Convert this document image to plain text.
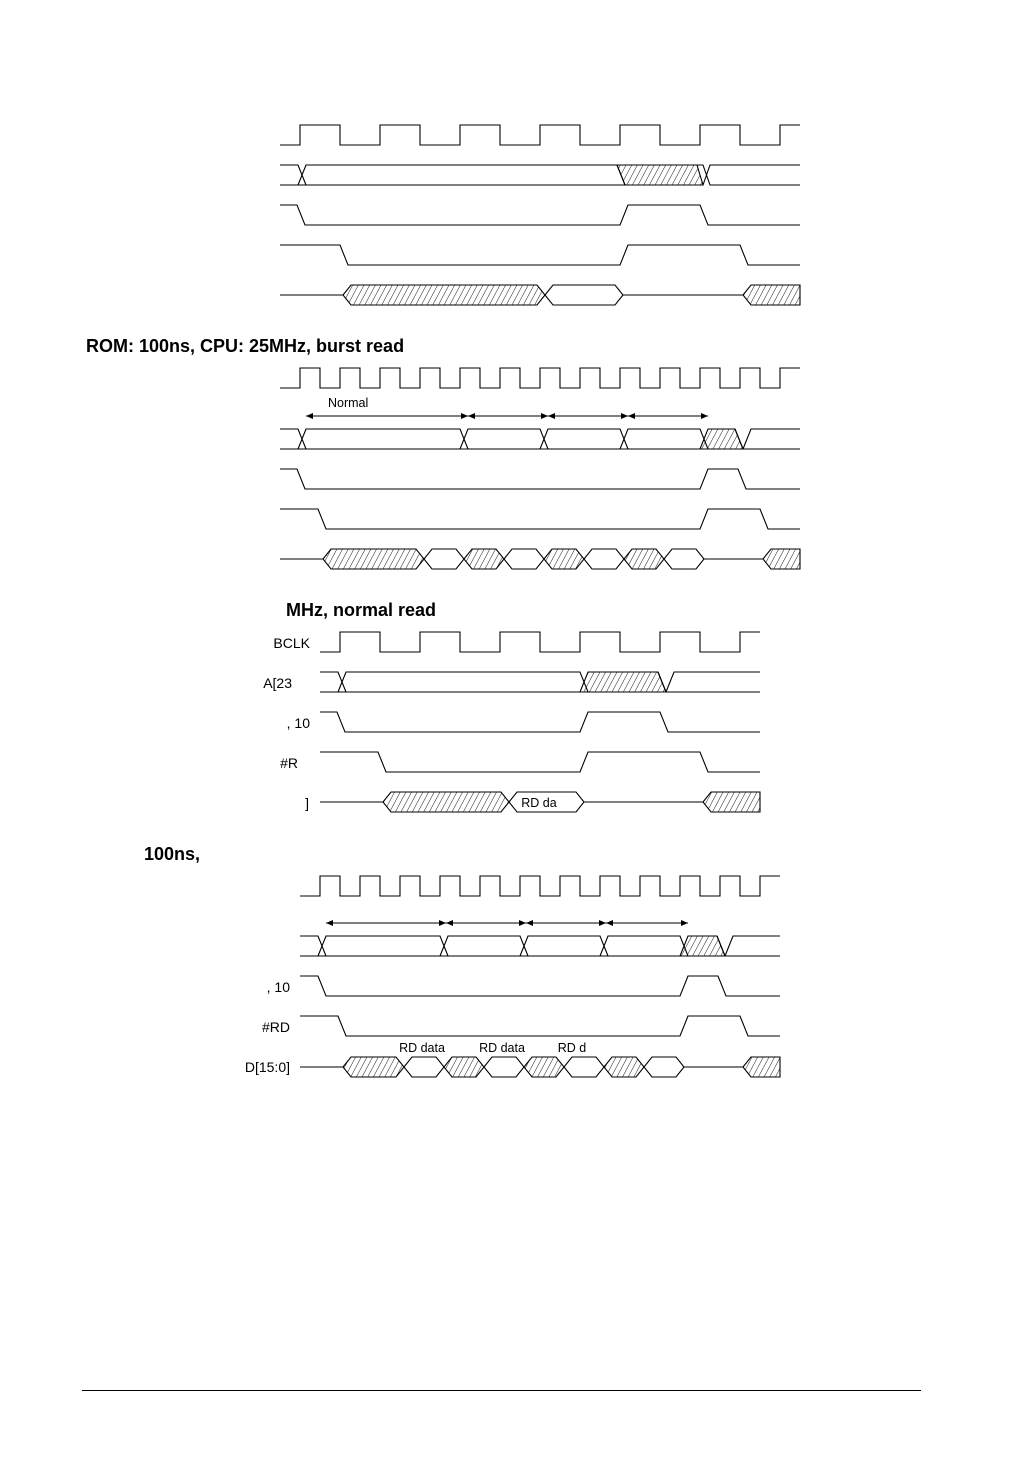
ROM: 100ns, CPU: 25MHz, burst read
Normal
MHz, normal read
BCLK
A[23
, 10
#R
]	RD da
100ns,
, 10
#RD
D[15:0]
RD data	RD data	RD d
